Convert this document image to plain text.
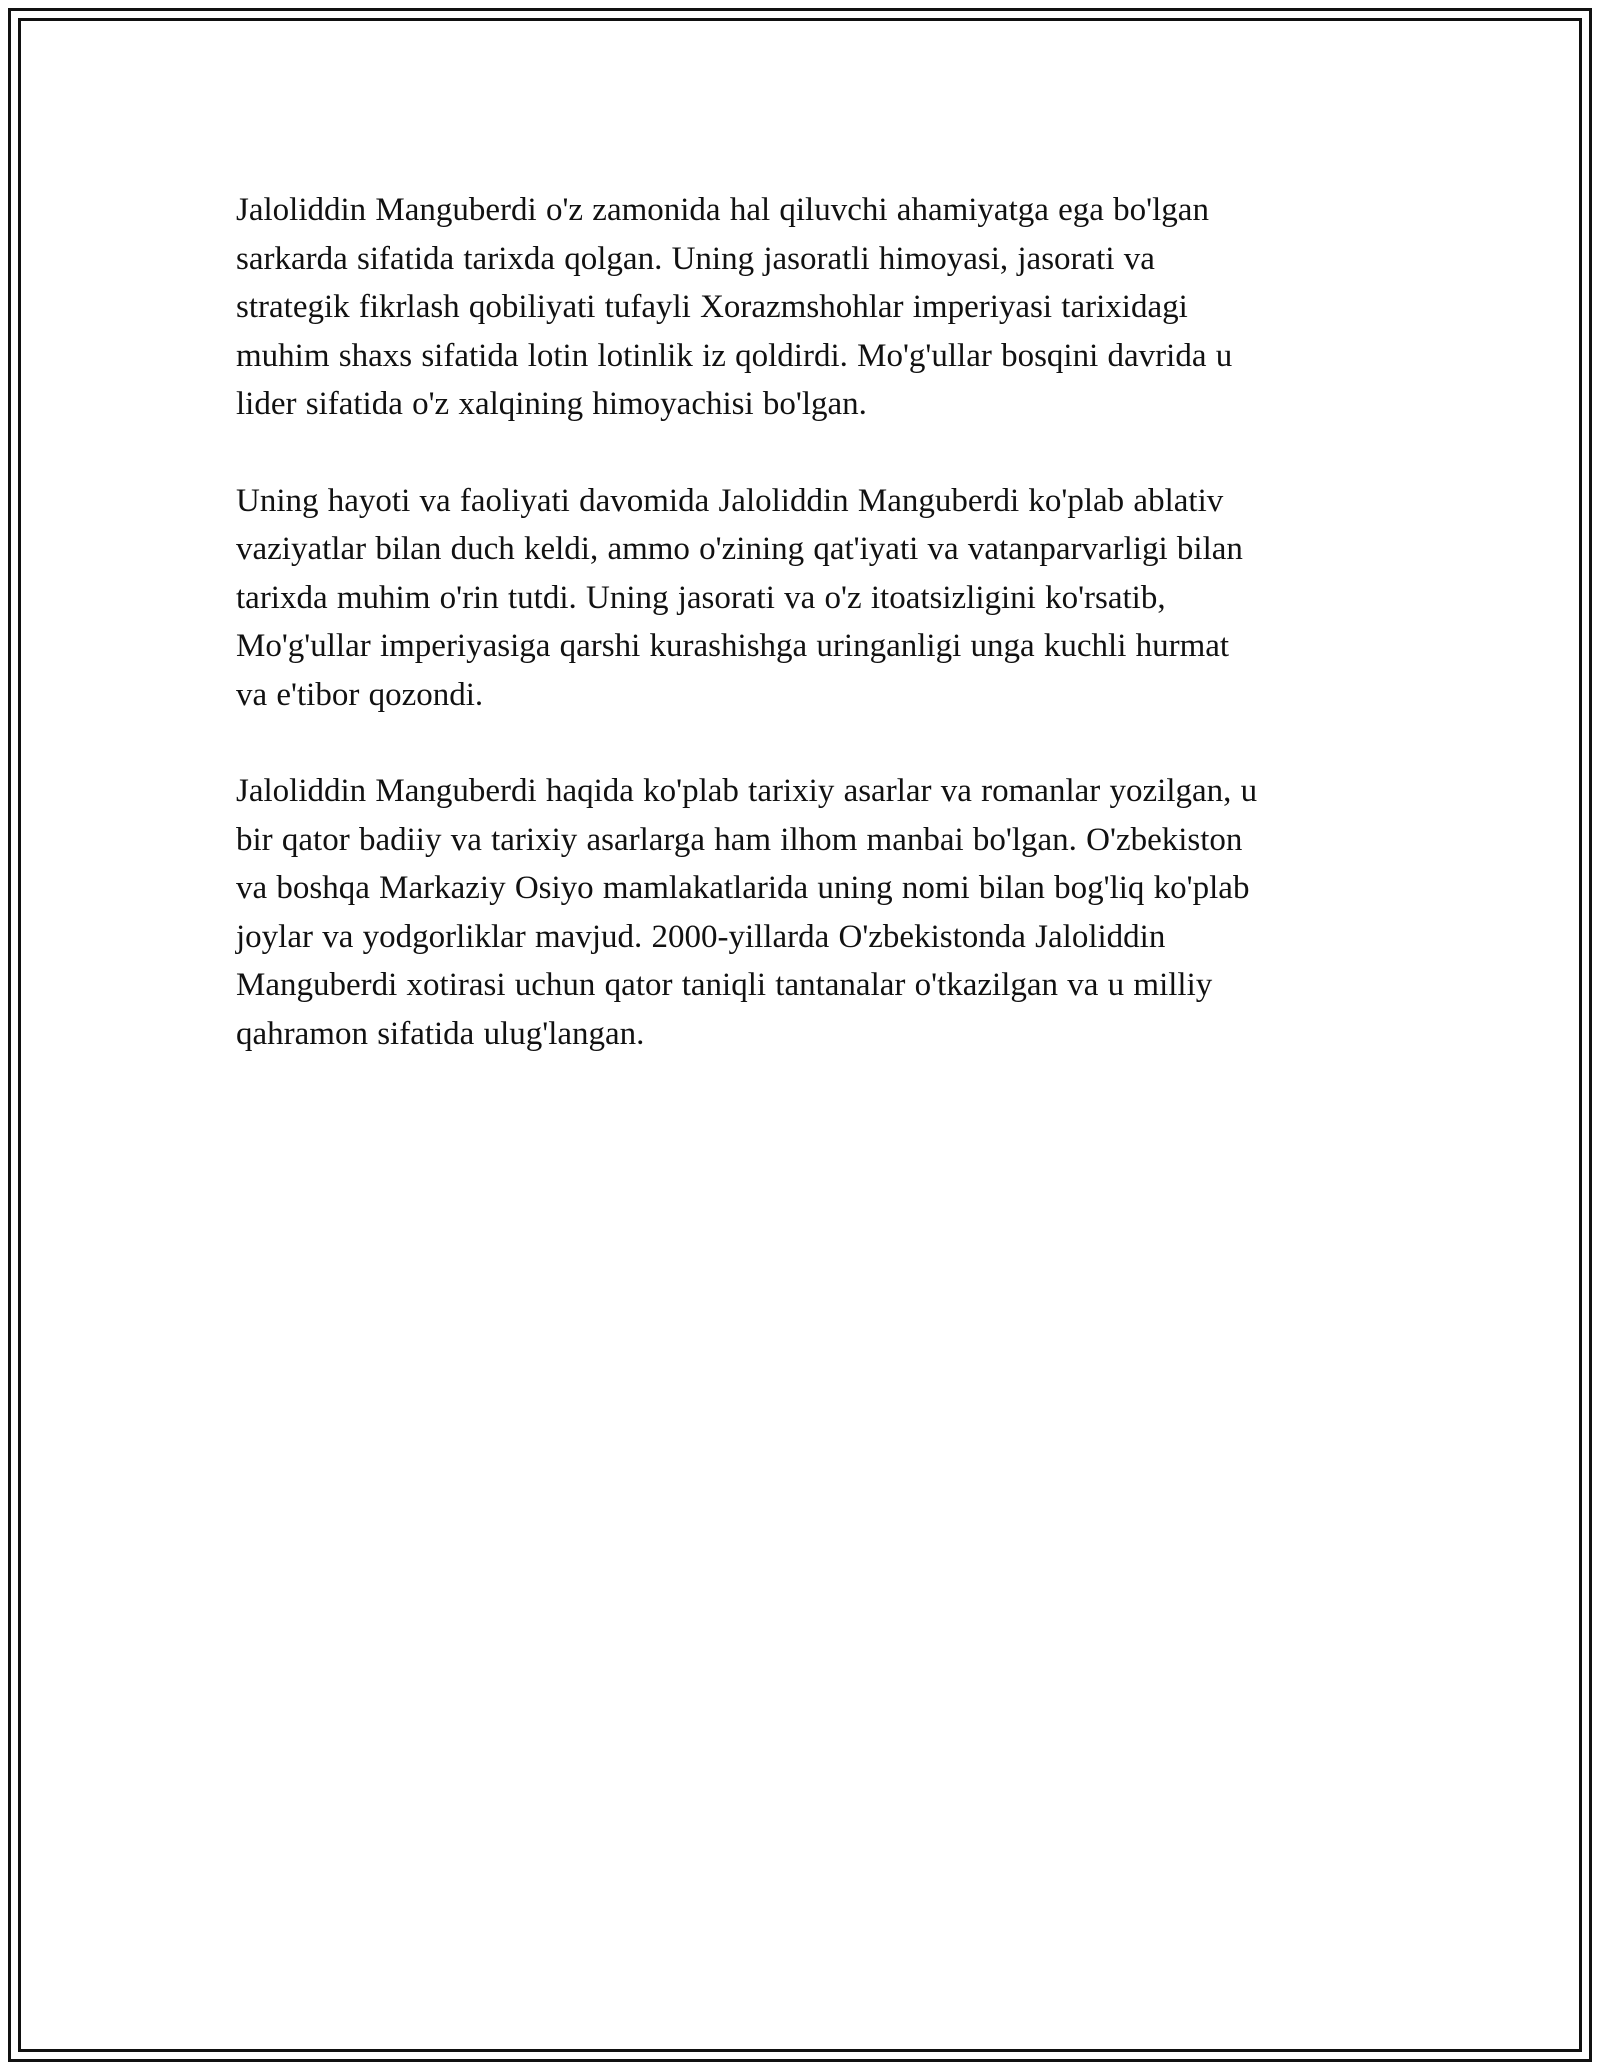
Jaloliddin Manguberdi o'z zamonida hal qiluvchi ahamiyatga ega bo'lgan
sarkarda sifatida tarixda qolgan. Uning jasoratli himoyasi, jasorati va
strategik fikrlash qobiliyati tufayli Xorazmshohlar imperiyasi tarixidagi
muhim shaxs sifatida lotin lotinlik iz qoldirdi. Mo'g'ullar bosqini davrida u
lider sifatida o'z xalqining himoyachisi bo'lgan.

Uning hayoti va faoliyati davomida Jaloliddin Manguberdi ko'plab ablativ
vaziyatlar bilan duch keldi, ammo o'zining qat'iyati va vatanparvarligi bilan
tarixda muhim o'rin tutdi. Uning jasorati va o'z itoatsizligini ko'rsatib,
Mo'g'ullar imperiyasiga qarshi kurashishga uringanligi unga kuchli hurmat
va e'tibor qozondi.

Jaloliddin Manguberdi haqida ko'plab tarixiy asarlar va romanlar yozilgan, u
bir qator badiiy va tarixiy asarlarga ham ilhom manbai bo'lgan. O'zbekiston
va boshqa Markaziy Osiyo mamlakatlarida uning nomi bilan bog'liq ko'plab
joylar va yodgorliklar mavjud. 2000-yillarda O'zbekistonda Jaloliddin
Manguberdi xotirasi uchun qator taniqli tantanalar o'tkazilgan va u milliy
qahramon sifatida ulug'langan.
